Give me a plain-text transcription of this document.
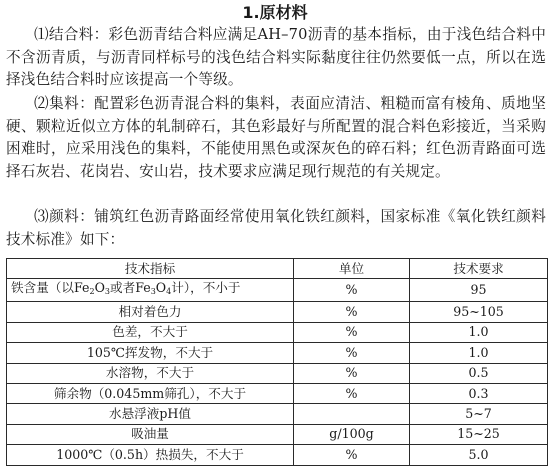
1.原材料

⑴结合料：彩色沥青结合料应满足AH–70沥青的基本指标，由于浅色结合料中不含沥青质，与沥青同样标号的浅色结合料实际黏度往往仍然要低一点，所以在选择浅色结合料时应该提高一个等级。

⑵集料：配置彩色沥青混合料的集料，表面应清洁、粗糙而富有棱角、质地坚硬、颗粒近似立方体的轧制碎石，其色彩最好与所配置的混合料色彩接近，当采购困难时，应采用浅色的集料，不能使用黑色或深灰色的碎石料；红色沥青路面可选择石灰岩、花岗岩、安山岩，技术要求应满足现行规范的有关规定。

⑶颜料：铺筑红色沥青路面经常使用氧化铁红颜料，国家标准《氧化铁红颜料技术标准》如下：

技术指标	单位	技术要求
铁含量（以$Fe_2O_3$或者$Fe_3O_4$计），不小于	%	95
相对着色力	%	95~105
色差，不大于	%	1.0
105℃挥发物，不大于	%	1.0
水溶物，不大于	%	0.5
筛余物（0.045mm筛孔），不大于	%	0.3
水悬浮液pH值		5~7
吸油量	g/100g	15~25
1000℃（0.5h）热损失，不大于	%	5.0
